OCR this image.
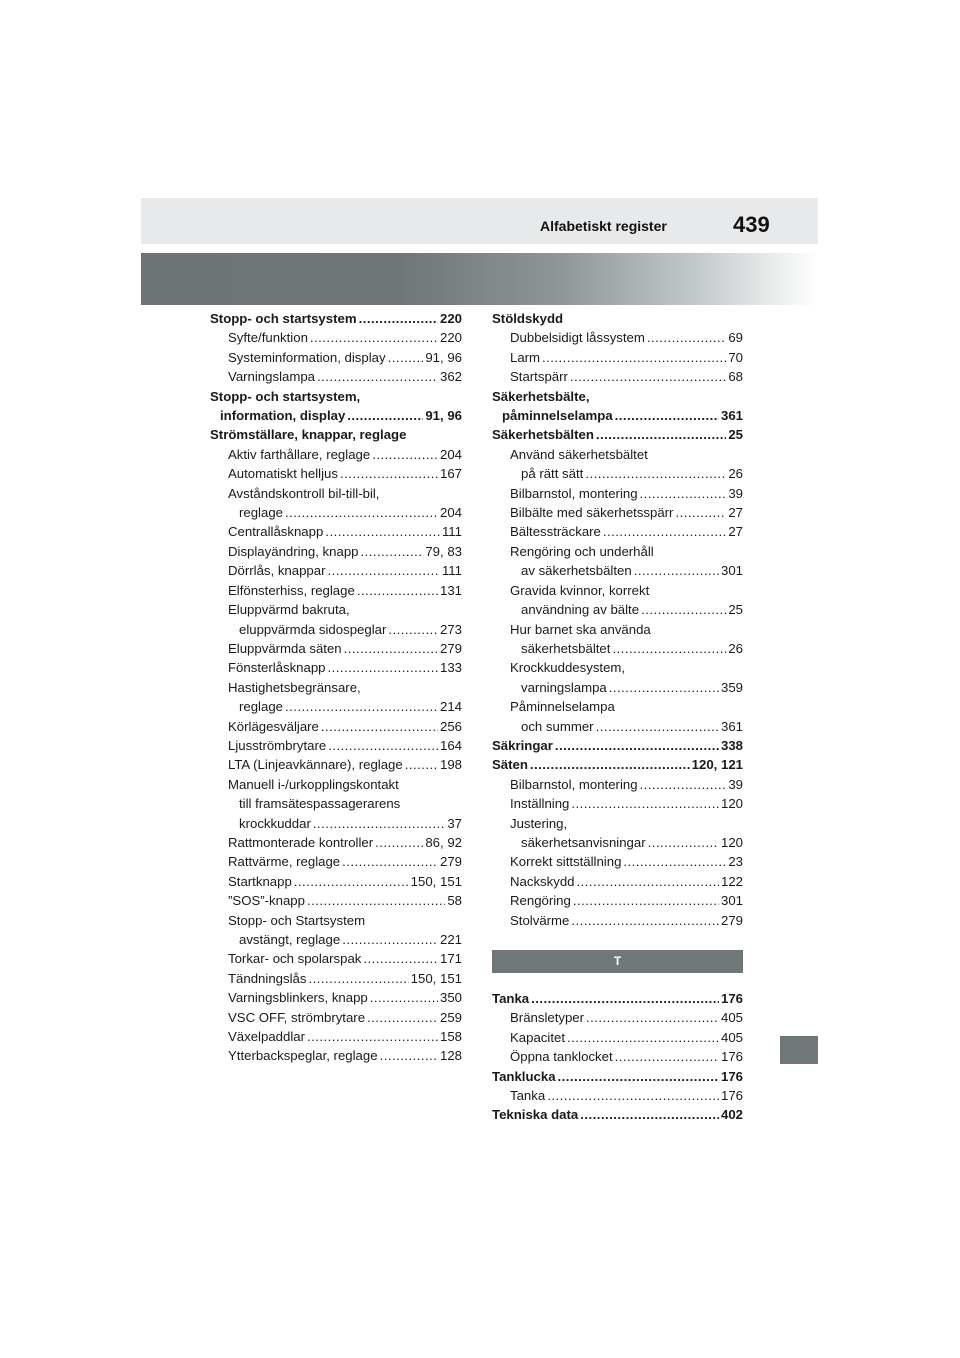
Alfabetiskt register	439
Stopp- och startsystem . . .	220
Syfte/funktion . . .	220
Systeminformation, display . . .	91, 96
Varningslampa . . .	362
Stopp- och startsystem,
information, display . . .	91, 96
Strömställare, knappar, reglage
Aktiv farthållare, reglage . . .	204
Automatiskt helljus . . .	167
Avståndskontroll bil-till-bil,
reglage . . .	204
Centrallåsknapp . . .	111
Displayändring, knapp . . .	79, 83
Dörrlås, knappar . . .	111
Elfönsterhiss, reglage . . .	131
Eluppvärmd bakruta,
eluppvärmda sidospeglar . . .	273
Eluppvärmda säten . . .	279
Fönsterlåsknapp . . .	133
Hastighetsbegränsare,
reglage . . .	214
Körlägesväljare . . .	256
Ljusströmbrytare . . .	164
LTA (Linjeavkännare), reglage . . .	198
Manuell i-/urkopplingskontakt
till framsätespassagerarens
krockkuddar . . .	37
Rattmonterade kontroller . . .	86, 92
Rattvärme, reglage . . .	279
Startknapp . . .	150, 151
”SOS”-knapp . . .	58
Stopp- och Startsystem
avstängt, reglage . . .	221
Torkar- och spolarspak . . .	171
Tändningslås . . .	150, 151
Varningsblinkers, knapp . . .	350
VSC OFF, strömbrytare . . .	259
Växelpaddlar . . .	158
Ytterbackspeglar, reglage . . .	128
Stöldskydd
Dubbelsidigt låssystem . . .	69
Larm . . .	70
Startspärr . . .	68
Säkerhetsbälte,
påminnelselampa . . .	361
Säkerhetsbälten . . .	25
Använd säkerhetsbältet
på rätt sätt . . .	26
Bilbarnstol, montering . . .	39
Bilbälte med säkerhetsspärr . . .	27
Bältessträckare . . .	27
Rengöring och underhåll
av säkerhetsbälten . . .	301
Gravida kvinnor, korrekt
användning av bälte . . .	25
Hur barnet ska använda
säkerhetsbältet . . .	26
Krockkuddesystem,
varningslampa . . .	359
Påminnelselampa
och summer . . .	361
Säkringar . . .	338
Säten . . .	120, 121
Bilbarnstol, montering . . .	39
Inställning . . .	120
Justering,
säkerhetsanvisningar . . .	120
Korrekt sittställning . . .	23
Nackskydd . . .	122
Rengöring . . .	301
Stolvärme . . .	279
T
Tanka . . .	176
Bränsletyper . . .	405
Kapacitet . . .	405
Öppna tanklocket . . .	176
Tanklucka . . .	176
Tanka . . .	176
Tekniska data . . .	402
